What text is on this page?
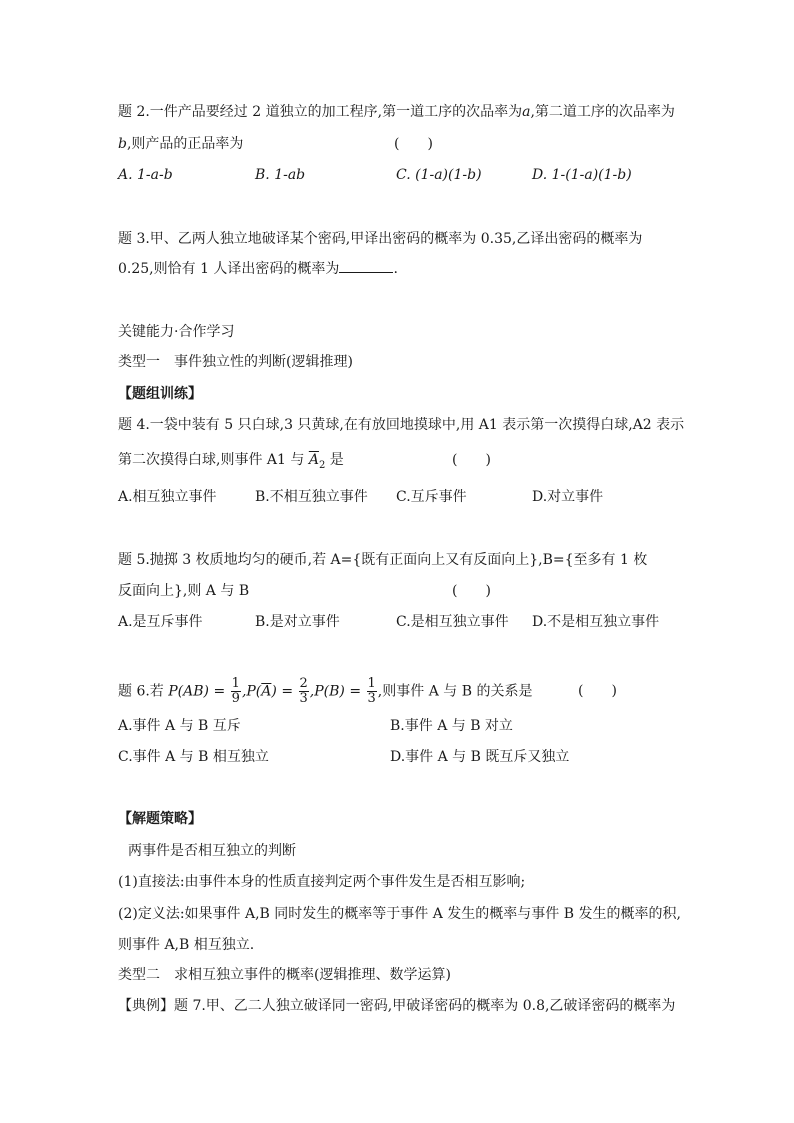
题 2.一件产品要经过 2 道独立的加工程序,第一道工序的次品率为a,第二道工序的次品率为
b,则产品的正品率为	(　　)
A. 1-a-b	B. 1-ab	C. (1-a)(1-b)	D. 1-(1-a)(1-b)
题 3.甲、乙两人独立地破译某个密码,甲译出密码的概率为 0.35,乙译出密码的概率为
0.25,则恰有 1 人译出密码的概率为	.
关键能力·合作学习
类型一　事件独立性的判断(逻辑推理)
【题组训练】
题 4.一袋中装有 5 只白球,3 只黄球,在有放回地摸球中,用 A1 表示第一次摸得白球,A2 表示
第二次摸得白球,则事件 A1 与 $\overline{A}_2$ 是	(　　)
A.相互独立事件	B.不相互独立事件 C.互斥事件	D.对立事件
题 5.抛掷 3 枚质地均匀的硬币,若 A={既有正面向上又有反面向上},B={至多有 1 枚
反面向上},则 A 与 B	(　　)
A.是互斥事件	B.是对立事件	C.是相互独立事件 D.不是相互独立事件
题 6.若 $P(AB) = \frac{1}{9} ,P(\overline{A}) = \frac{2}{3} ,P(B) = \frac{1}{3}$ ,则事件 A 与 B 的关系是	(　　)
A.事件 A 与 B 互斥	B.事件 A 与 B 对立
C.事件 A 与 B 相互独立	D.事件 A 与 B 既互斥又独立
【解题策略】
两事件是否相互独立的判断
(1)直接法:由事件本身的性质直接判定两个事件发生是否相互影响;
(2)定义法:如果事件 A,B 同时发生的概率等于事件 A 发生的概率与事件 B 发生的概率的积,
则事件 A,B 相互独立.
类型二　求相互独立事件的概率(逻辑推理、数学运算)
【典例】题 7.甲、乙二人独立破译同一密码,甲破译密码的概率为 0.8,乙破译密码的概率为
